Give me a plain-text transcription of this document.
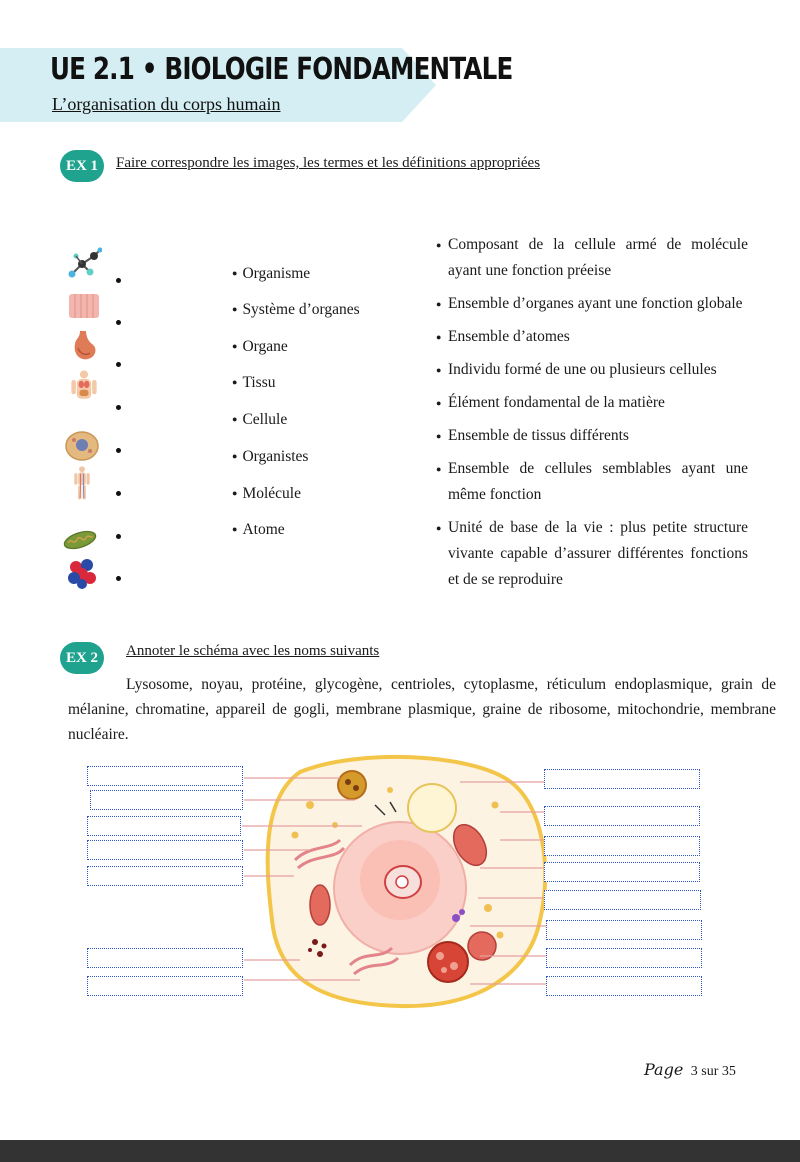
UE 2.1 • BIOLOGIE FONDAMENTALE
L’organisation du corps humain
EX 1	Faire correspondre les images, les termes et les définitions appropriées
● Organisme
● Système d’organes
● Organe
● Tissu
● Cellule
● Organistes
● Molécule
● Atome
● Composant de la cellule armé de molécule ayant une fonction préeise
● Ensemble d’organes ayant une fonction globale
● Ensemble d’atomes
● Individu formé de une ou plusieurs cellules
● Élément fondamental de la matière
● Ensemble de tissus différents
● Ensemble de cellules semblables ayant une même fonction
● Unité de base de la vie : plus petite structure vivante capable d’assurer différentes fonctions et de se reproduire
EX 2	Annoter le schéma avec les noms suivants
Lysosome, noyau, protéine, glycogène, centrioles, cytoplasme, réticulum endoplasmique, grain de mélanine, chromatine, appareil de gogli, membrane plasmique, graine de ribosome, mitochondrie, membrane nucléaire.
Page 3 sur 35
